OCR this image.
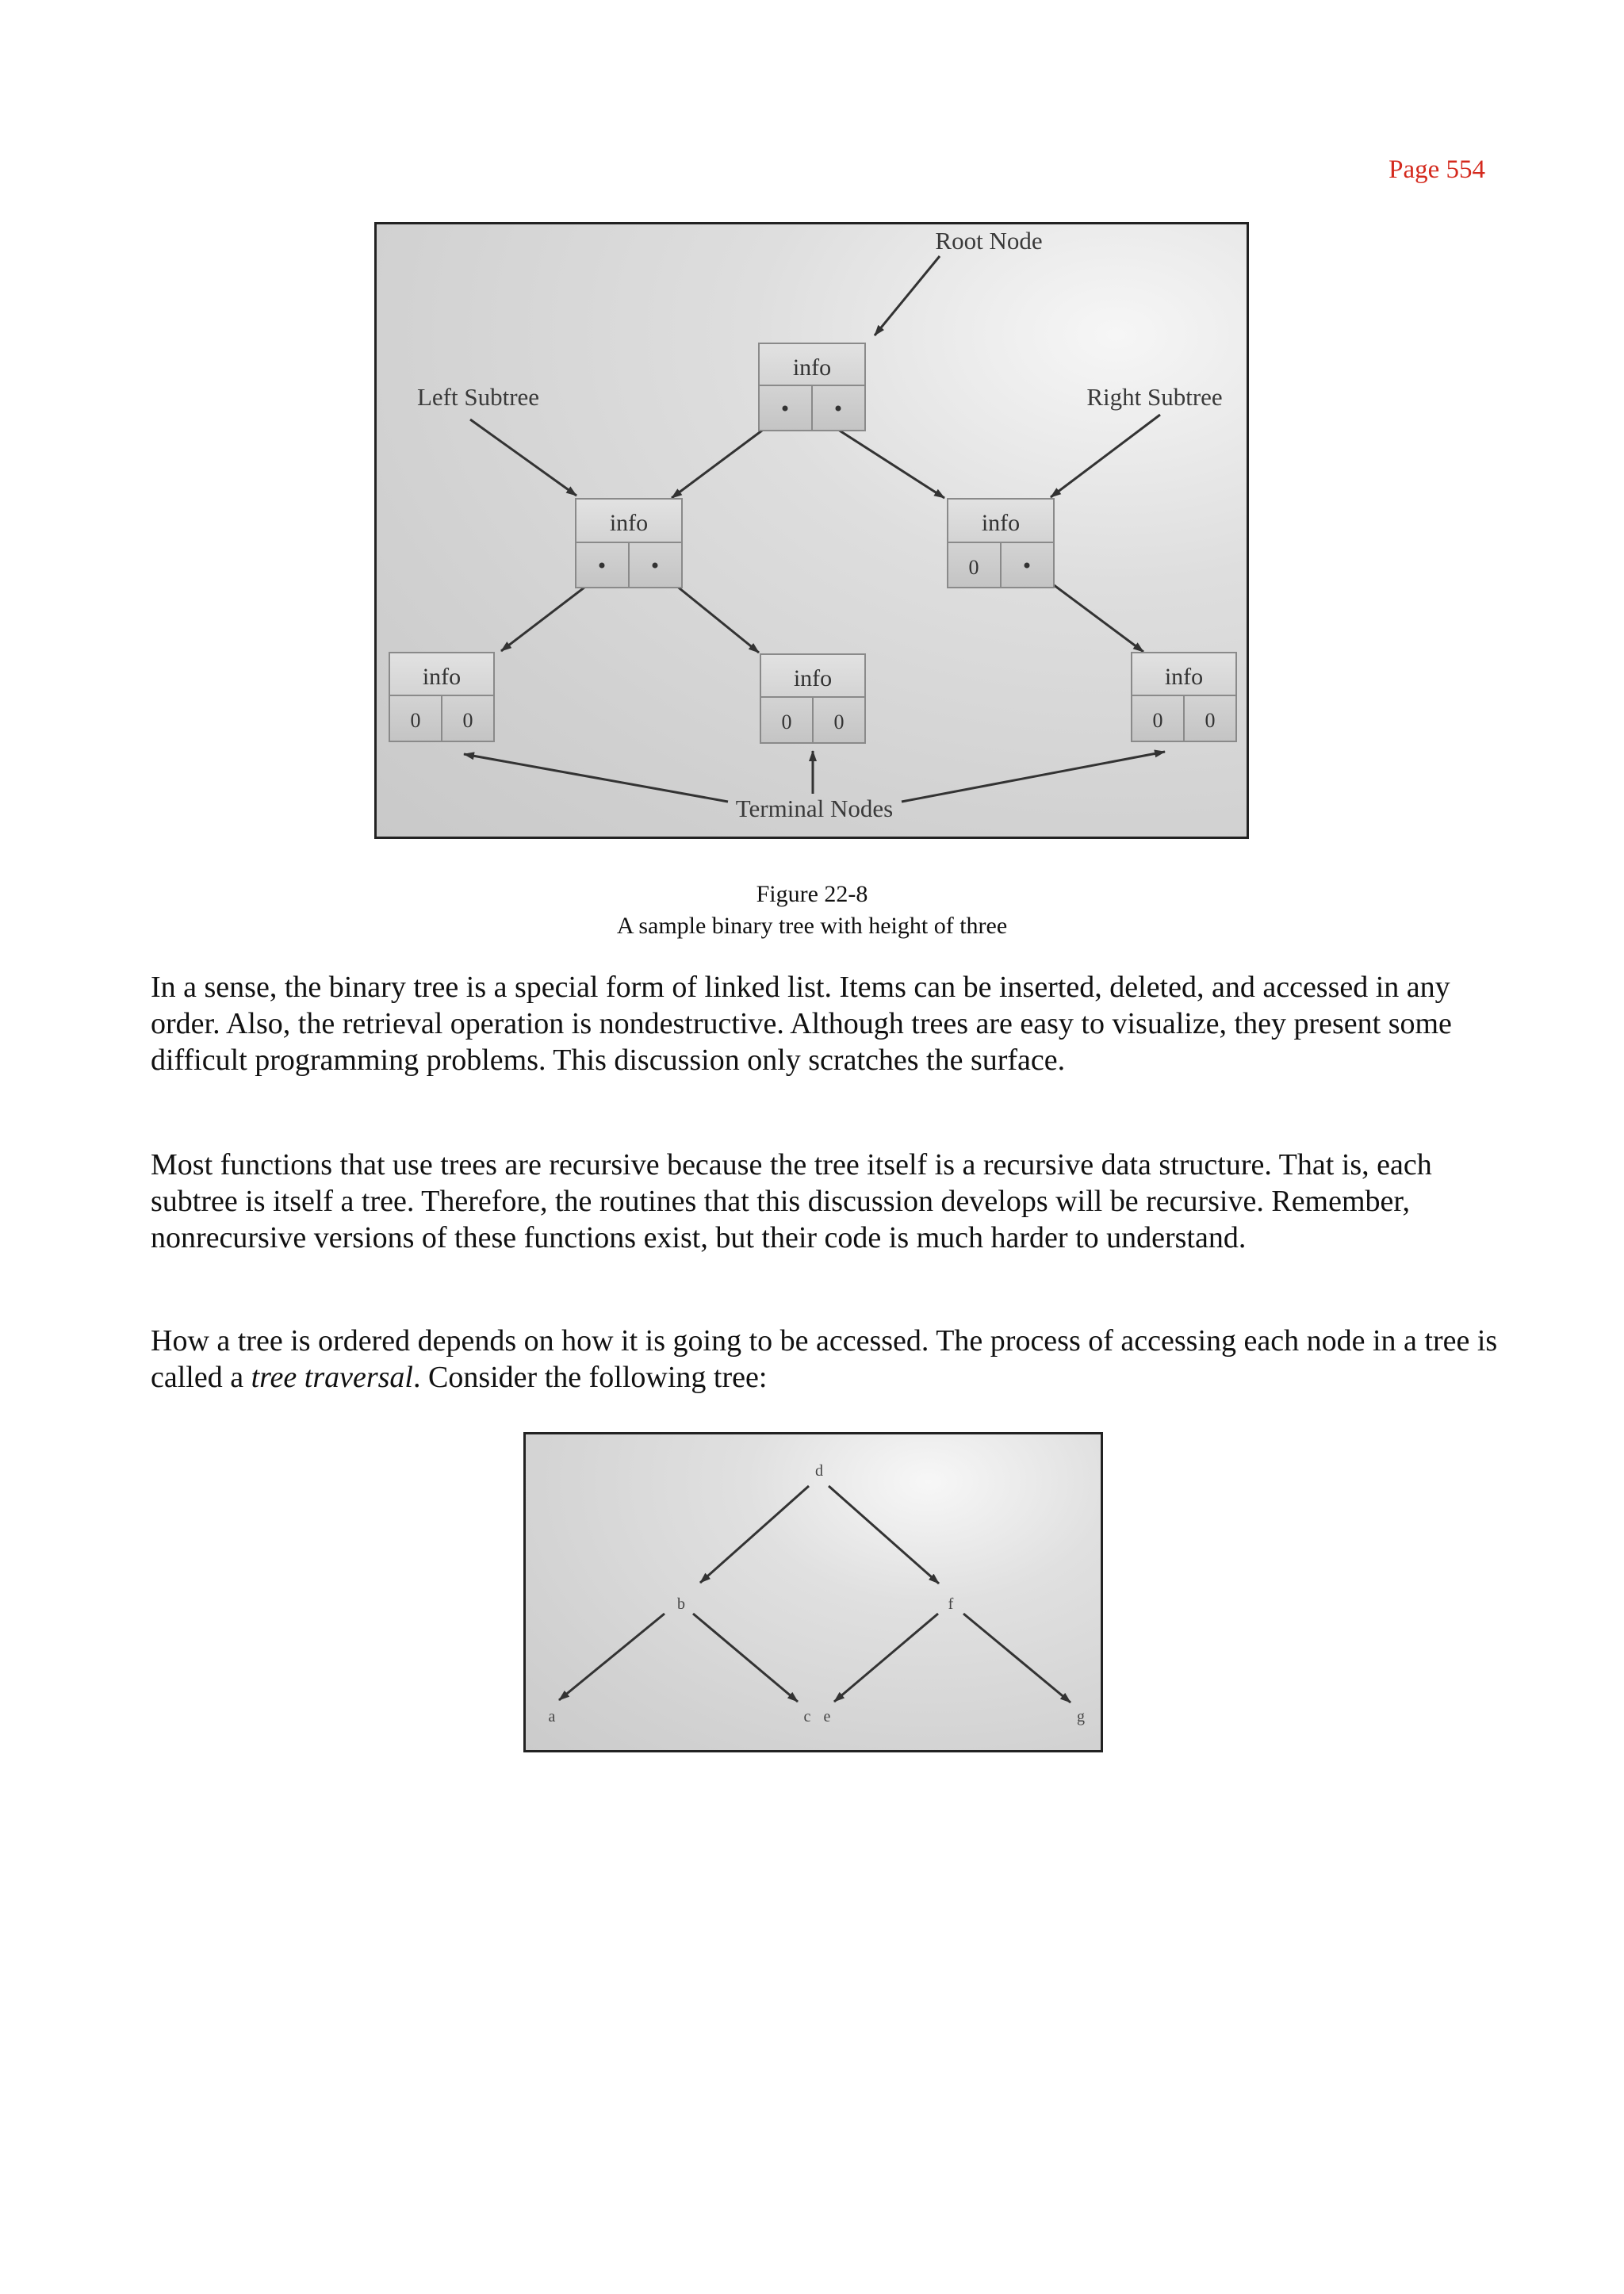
Page 554
info
info	info
0
info
0 0
info
0 0
info
0 0
Root Node
Left Subtree	Right Subtree
Terminal Nodes
Figure 22-8
A sample binary tree with height of three

In a sense, the binary tree is a special form of linked list. Items can be inserted, deleted, and accessed in any order. Also, the retrieval operation is nondestructive. Although trees are easy to visualize, they present some difficult programming problems. This discussion only scratches the surface.

Most functions that use trees are recursive because the tree itself is a recursive data structure. That is, each subtree is itself a tree. Therefore, the routines that this discussion develops will be recursive. Remember, nonrecursive versions of these functions exist, but their code is much harder to understand.

How a tree is ordered depends on how it is going to be accessed. The process of accessing each node in a tree is called a tree traversal. Consider the following tree:

d
b	f
a	c e	g
